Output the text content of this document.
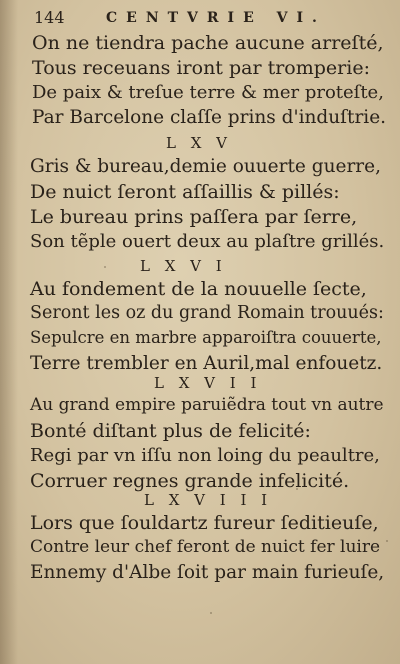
144	CENTVRIE VI.
On ne tiendra pache aucune arreſté,
Tous receuans iront par tromperie:
De paix & treſue terre & mer proteſte,
Par Barcelone claſſe prins d'induſtrie.
L X V
Gris & bureau,demie ouuerte guerre,
De nuict ſeront aſſaillis & pillés:
Le bureau prins paſſera par ſerre,
Son tẽple ouert deux au plaſtre grillés.
L X V I
Au fondement de la nouuelle ſecte,
Seront les oz du grand Romain trouués:
Sepulcre en marbre apparoiſtra couuerte,
Terre trembler en Auril,mal enfouetz.
L X V I I
Au grand empire paruiẽdra tout vn autre
Bonté diſtant plus de felicité:
Regi par vn iſſu non loing du peaultre,
Corruer regnes grande infelicité.
L X V I I I
Lors que ſouldartz fureur ſeditieuſe,
Contre leur chef feront de nuict fer luire
Ennemy d'Albe ſoit par main furieuſe,
